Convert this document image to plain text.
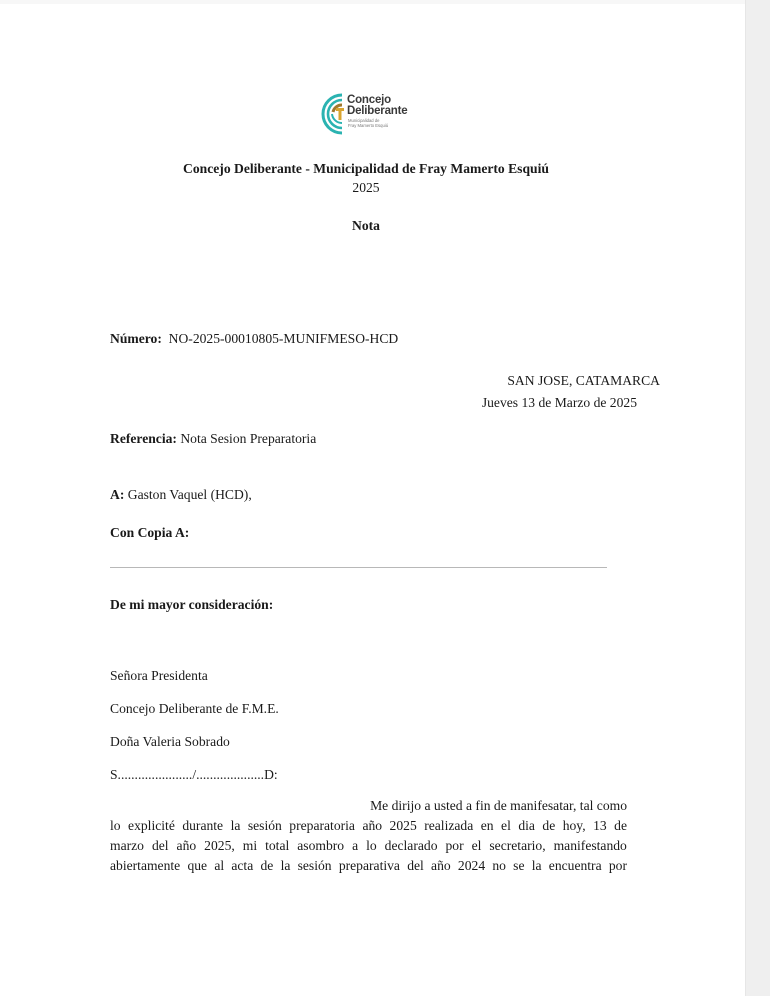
Concejo
Deliberante
Municipalidad de
Fray Mamerto Esquiú
Concejo Deliberante - Municipalidad de Fray Mamerto Esquiú
2025
Nota
Número: NO-2025-00010805-MUNIFMESO-HCD
SAN JOSE, CATAMARCA
Jueves 13 de Marzo de 2025
Referencia: Nota Sesion Preparatoria
A: Gaston Vaquel (HCD),
Con Copia A:
De mi mayor consideración:
Señora Presidenta
Concejo Deliberante de F.M.E.
Doña Valeria Sobrado
S....................../....................D:
Me dirijo a usted a fin de manifesatar, tal como
lo explicité durante la sesión preparatoria año 2025 realizada en el dia de hoy, 13 de
marzo del año 2025, mi total asombro a lo declarado por el secretario, manifestando
abiertamente que al acta de la sesión preparativa del año 2024 no se la encuentra por
